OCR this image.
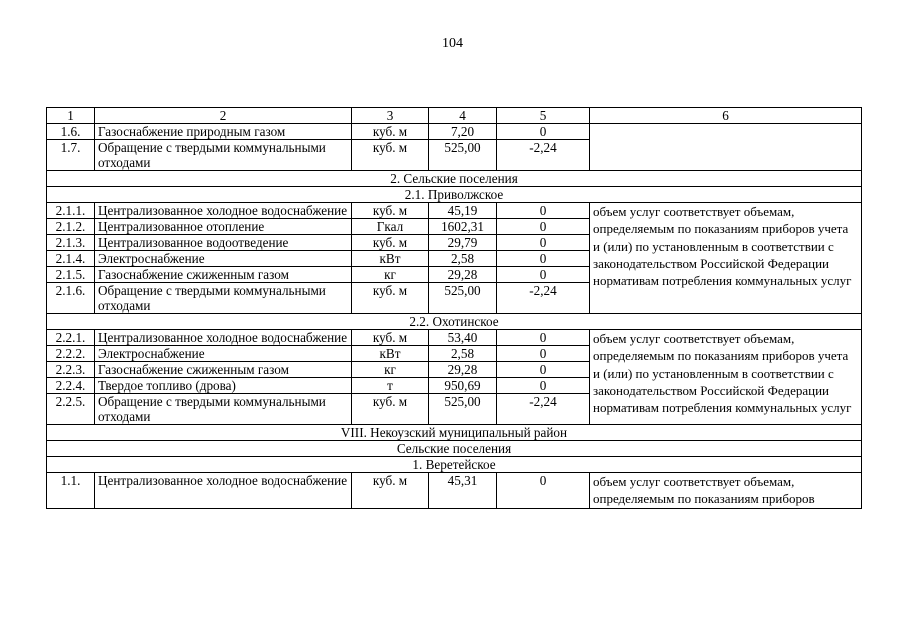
104
1	2	3	4	5	6
1.6.	Газоснабжение природным газом	куб. м	7,20	0	
1.7.	Обращение с твердыми коммунальными отходами	куб. м	525,00	-2,24	
2. Сельские поселения					
2.1. Приволжское					
2.1.1.	Централизованное холодное водоснабжение	куб. м	45,19	0	объем услуг соответствует объемам, определяемым по показаниям приборов учета и (или) по установленным в соответствии с законодательством Российской Федерации нормативам потребления коммунальных услуг
2.1.2.	Централизованное отопление	Гкал	1602,31	0	
2.1.3.	Централизованное водоотведение	куб. м	29,79	0	
2.1.4.	Электроснабжение	кВт	2,58	0	
2.1.5.	Газоснабжение сжиженным газом	кг	29,28	0	
2.1.6.	Обращение с твердыми коммунальными отходами	куб. м	525,00	-2,24	
2.2. Охотинское					
2.2.1.	Централизованное холодное водоснабжение	куб. м	53,40	0	объем услуг соответствует объемам, определяемым по показаниям приборов учета и (или) по установленным в соответствии с законодательством Российской Федерации нормативам потребления коммунальных услуг
2.2.2.	Электроснабжение	кВт	2,58	0	
2.2.3.	Газоснабжение сжиженным газом	кг	29,28	0	
2.2.4.	Твердое топливо (дрова)	т	950,69	0	
2.2.5.	Обращение с твердыми коммунальными отходами	куб. м	525,00	-2,24	
VIII. Некоузский муниципальный район					
Сельские поселения					
1. Веретейское					
1.1.	Централизованное холодное водоснабжение	куб. м	45,31	0	объем услуг соответствует объемам, определяемым по показаниям приборов
